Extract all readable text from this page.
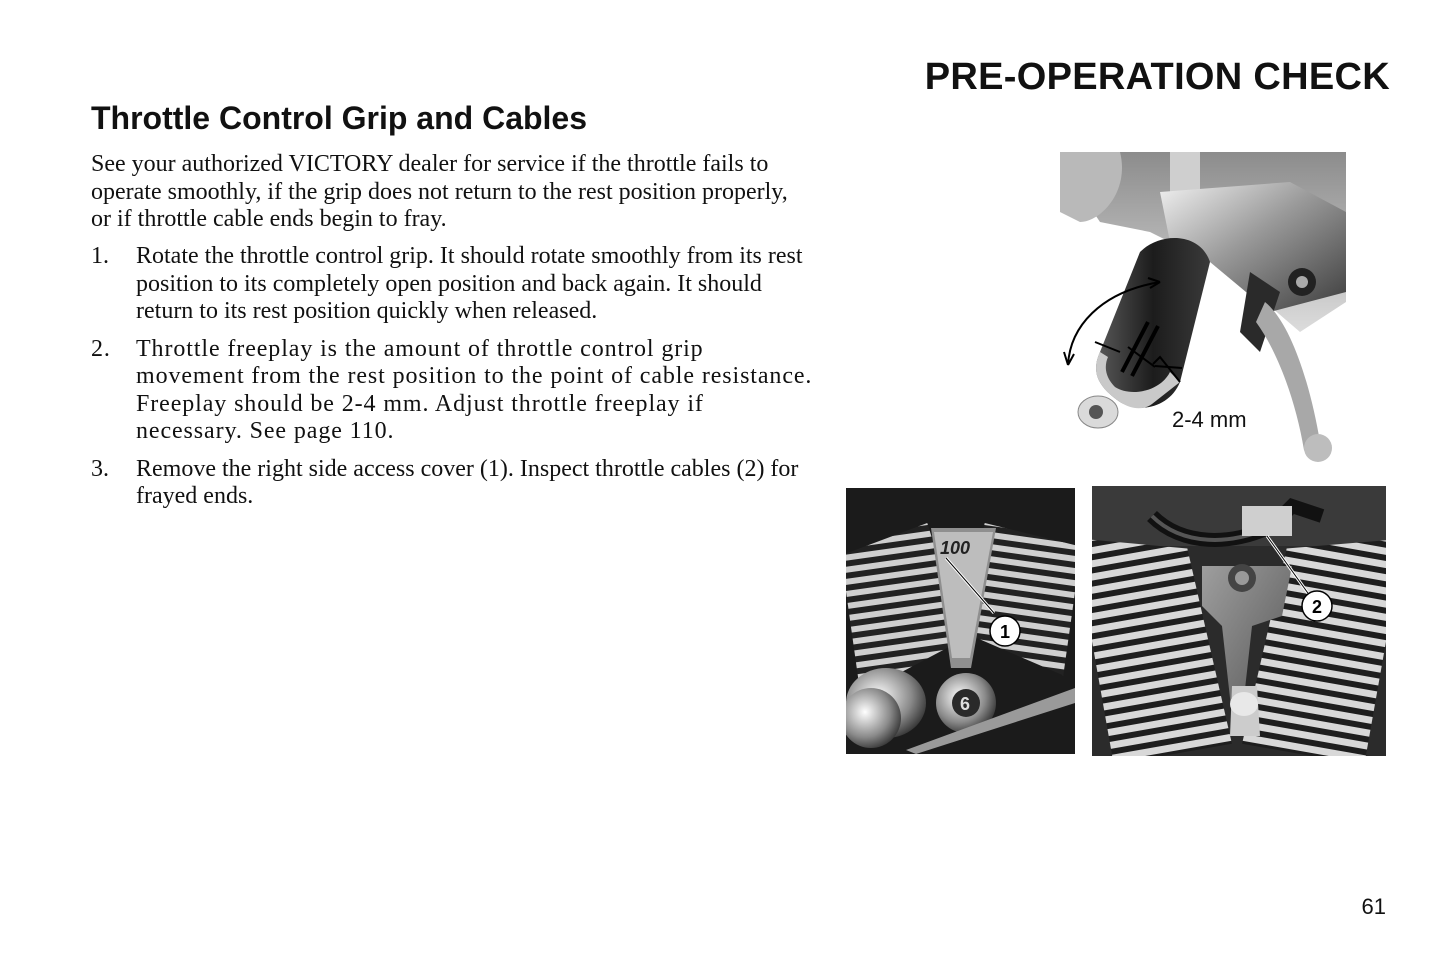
PRE-OPERATION CHECK
Throttle Control Grip and Cables

See your authorized VICTORY dealer for service if the throttle fails to operate smoothly, if the grip does not return to the rest position properly, or if throttle cable ends begin to fray.

1. Rotate the throttle control grip. It should rotate smoothly from its rest position to its completely open position and back again. It should return to its rest position quickly when released.
2. Throttle freeplay is the amount of throttle control grip movement from the rest position to the point of cable resistance. Freeplay should be 2-4 mm. Adjust throttle freeplay if necessary. See page 110.
3. Remove the right side access cover (1). Inspect throttle cables (2) for frayed ends.
2-4 mm
100
6
1
2
61
